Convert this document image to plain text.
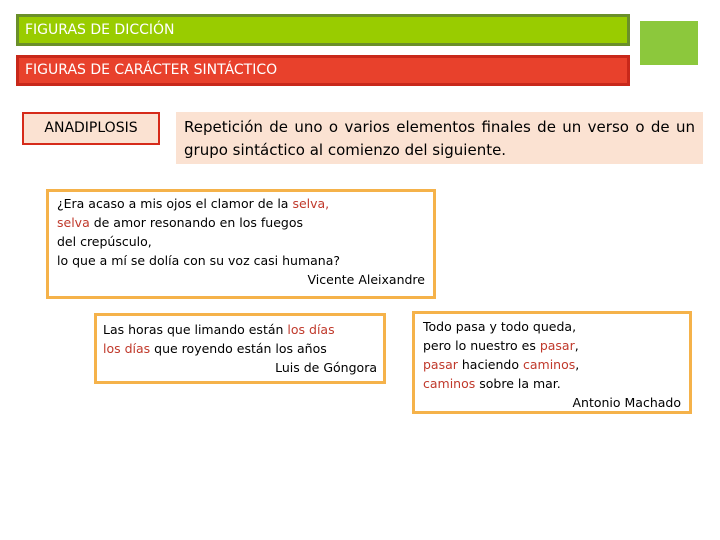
FIGURAS DE DICCIÓN
FIGURAS DE CARÁCTER SINTÁCTICO
ANADIPLOSIS	Repetición de uno o varios elementos finales de un verso o de un grupo sintáctico al comienzo del siguiente.
¿Era acaso a mis ojos el clamor de la selva,
selva de amor resonando en los fuegos
del crepúsculo,
lo que a mí se dolía con su voz casi humana?
Vicente Aleixandre
Las horas que limando están los días
los días que royendo están los años
Luis de Góngora
Todo pasa y todo queda,
pero lo nuestro es pasar,
pasar haciendo caminos,
caminos sobre la mar.
Antonio Machado
